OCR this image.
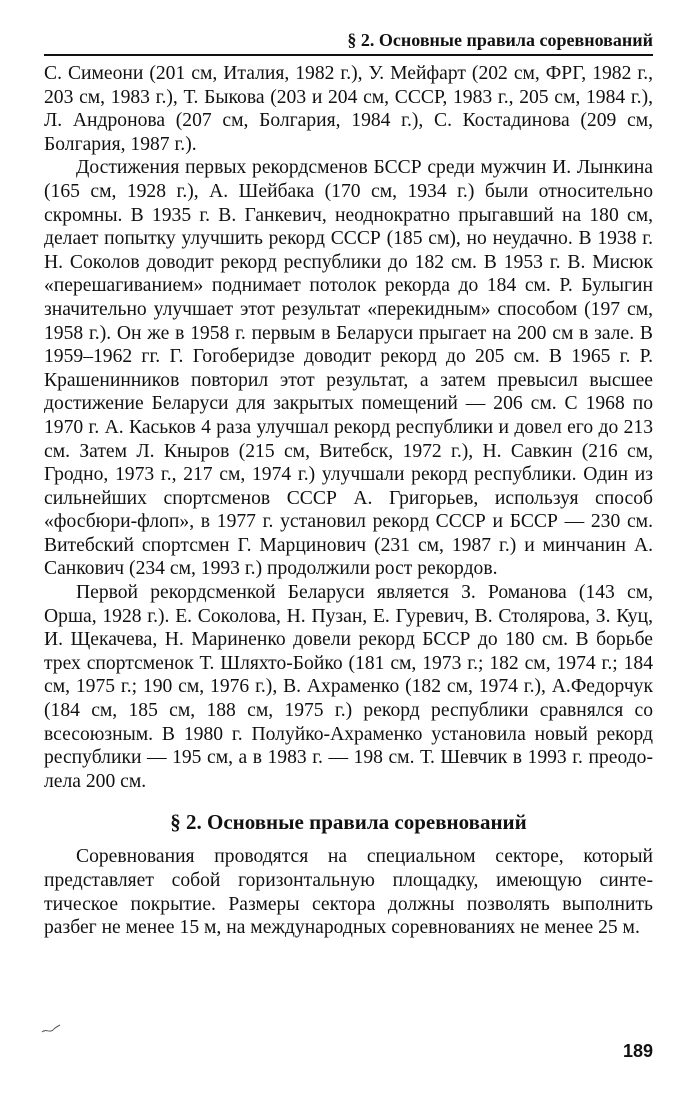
§ 2. Основные правила соревнований

С. Симеони (201 см, Италия, 1982 г.), У. Мейфарт (202 см, ФРГ, 1982 г., 203 см, 1983 г.), Т. Быкова (203 и 204 см, СССР, 1983 г., 205 см, 1984 г.), Л. Андронова (207 см, Болгария, 1984 г.), С. Костадинова (209 см, Болгария, 1987 г.).

Достижения первых рекордсменов БССР среди мужчин И. Лынкина (165 см, 1928 г.), А. Шейбака (170 см, 1934 г.) были относительно скромны. В 1935 г. В. Ганкевич, неоднократно прыгавший на 180 см, делает попытку улучшить рекорд СССР (185 см), но неудачно. В 1938 г. Н. Соколов доводит рекорд республики до 182 см. В 1953 г. В. Мисюк «перешагиванием» поднимает потолок рекорда до 184 см. Р. Булыгин значительно улучшает этот результат «перекидным» способом (197 см, 1958 г.). Он же в 1958 г. первым в Беларуси прыгает на 200 см в зале. В 1959–1962 гг. Г. Гогоберидзе доводит рекорд до 205 см. В 1965 г. Р. Крашенинников повторил этот результат, а затем превысил высшее достижение Беларуси для закрытых помещений — 206 см. С 1968 по 1970 г. А. Каськов 4 раза улучшал рекорд республики и довел его до 213 см. Затем Л. Кныров (215 см, Витебск, 1972 г.), Н. Савкин (216 см, Гродно, 1973 г., 217 см, 1974 г.) улучшали рекорд республики. Один из сильнейших спортсменов СССР А. Григорьев, используя способ «фосбюри-флоп», в 1977 г. установил рекорд СССР и БССР — 230 см. Витебский спортсмен Г. Марцинович (231 см, 1987 г.) и минчанин А. Санкович (234 см, 1993 г.) продолжили рост рекордов.

Первой рекордсменкой Беларуси является З. Романова (143 см, Орша, 1928 г.). Е. Соколова, Н. Пузан, Е. Гуревич, В. Столярова, З. Куц, И. Щекачева, Н. Мариненко довели рекорд БССР до 180 см. В борьбе трех спортсменок Т. Шляхто-Бойко (181 см, 1973 г.; 182 см, 1974 г.; 184 см, 1975 г.; 190 см, 1976 г.), В. Ахраменко (182 см, 1974 г.), А.Федорчук (184 см, 185 см, 188 см, 1975 г.) рекорд республики сравнялся со всесоюзным. В 1980 г. Полуйко-Ахраменко установила новый рекорд республики — 195 см, а в 1983 г. — 198 см. Т. Шевчик в 1993 г. преодолела 200 см.

§ 2. Основные правила соревнований

Соревнования проводятся на специальном секторе, который представляет собой горизонтальную площадку, имеющую синтетическое покрытие. Размеры сектора должны позволять выполнить разбег не менее 15 м, на международных соревнованиях не менее 25 м.

189
